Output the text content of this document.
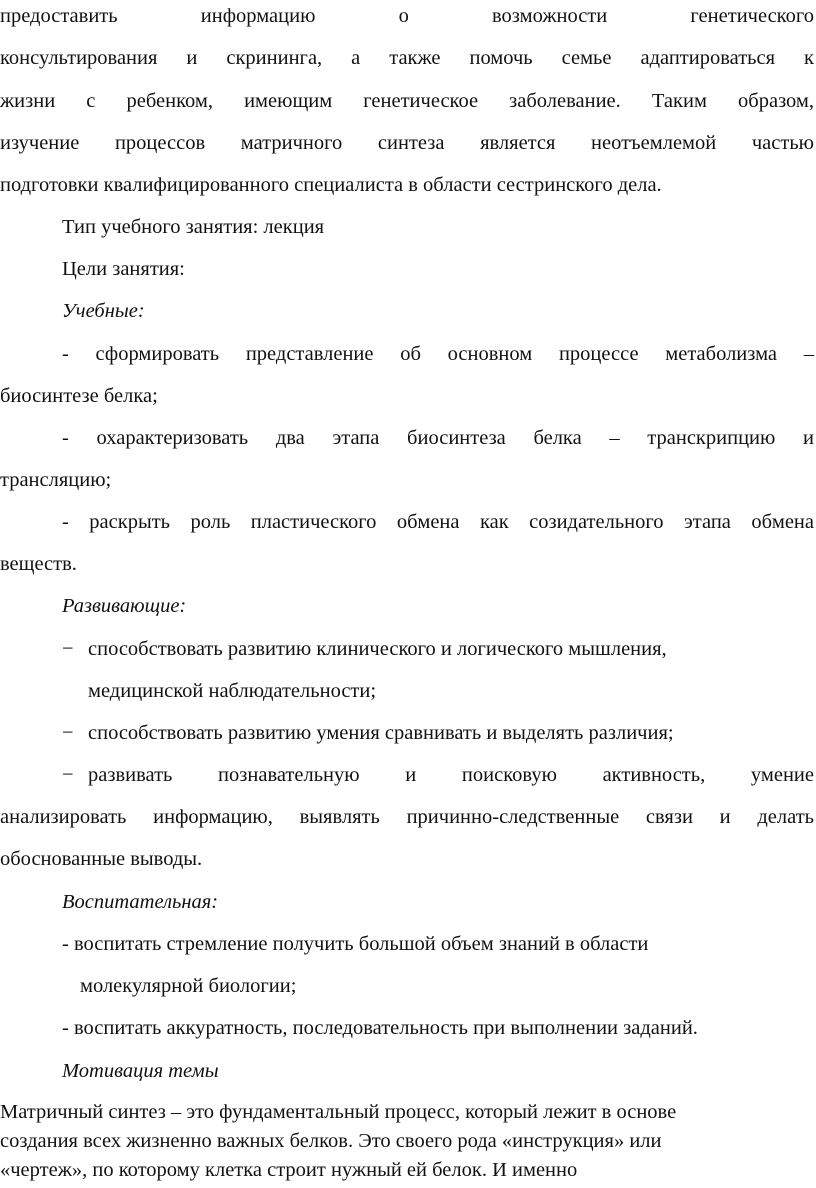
предоставить информацию о возможности генетического
консультирования и скрининга, а также помочь семье адаптироваться к
жизни с ребенком, имеющим генетическое заболевание. Таким образом,
изучение процессов матричного синтеза является неотъемлемой частью
подготовки квалифицированного специалиста в области сестринского дела.
Тип учебного занятия: лекция
Цели занятия:
Учебные:
- сформировать представление об основном процессе метаболизма –
биосинтезе белка;
- охарактеризовать два этапа биосинтеза белка – транскрипцию и
трансляцию;
- раскрыть роль пластического обмена как созидательного этапа обмена
веществ.
Развивающие:
− способствовать развитию клинического и логического мышления,
медицинской наблюдательности;
− способствовать развитию умения сравнивать и выделять различия;
− развивать познавательную и поисковую активность, умение
анализировать информацию, выявлять причинно-следственные связи и делать
обоснованные выводы.
Воспитательная:
- воспитать стремление получить большой объем знаний в области
молекулярной биологии;
- воспитать аккуратность, последовательность при выполнении заданий.
Мотивация темы
Матричный синтез – это фундаментальный процесс, который лежит в основе
создания всех жизненно важных белков. Это своего рода «инструкция» или
«чертеж», по которому клетка строит нужный ей белок. И именно
